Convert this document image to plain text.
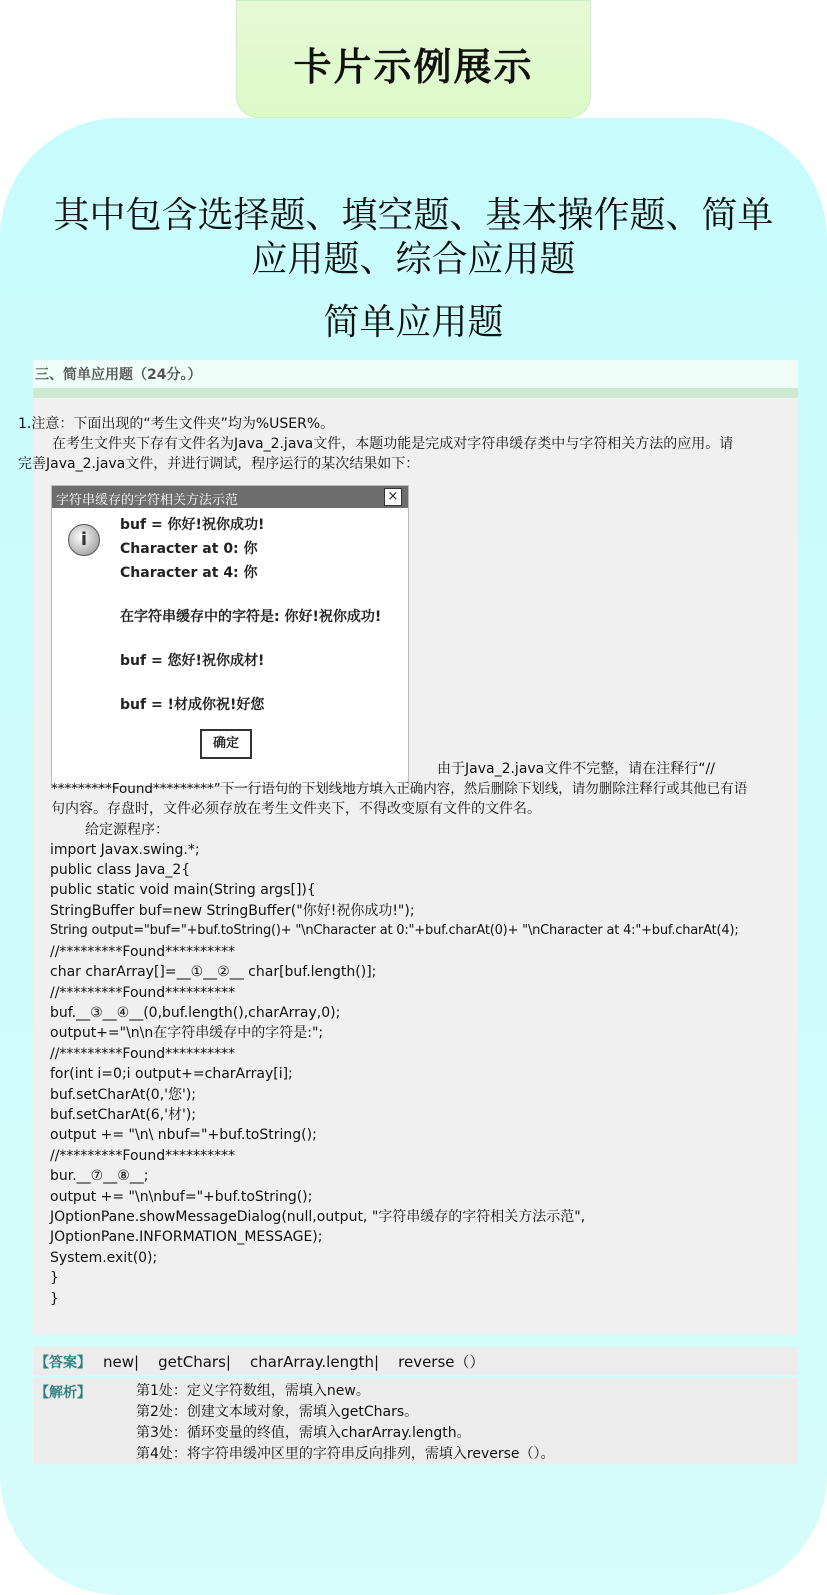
卡片示例展示
其中包含选择题、填空题、基本操作题、简单
应用题、综合应用题
简单应用题
三、简单应用题（24分。）
1.注意：下面出现的“考生文件夹”均为%USER%。
在考生文件夹下存有文件名为Java_2.java文件，本题功能是完成对字符串缓存类中与字符相关方法的应用。请
完善Java_2.java文件，并进行调试，程序运行的某次结果如下：
字符串缓存的字符相关方法示范	×
i
buf = 你好!祝你成功!
Character at 0: 你
Character at 4: 你
在字符串缓存中的字符是: 你好!祝你成功!
buf = 您好!祝你成材!
buf = !材成你祝!好您
确定
由于Java_2.java文件不完整，请在注释行“//
*********Found*********”下一行语句的下划线地方填入正确内容，然后删除下划线，请勿删除注释行或其他已有语
句内容。存盘时，文件必须存放在考生文件夹下，不得改变原有文件的文件名。
给定源程序：
import Javax.swing.*;
public class Java_2{
public static void main(String args[]){
StringBuffer buf=new StringBuffer("你好!祝你成功!");
String output="buf="+buf.toString()+ "\nCharacter at 0:"+buf.charAt(0)+ "\nCharacter at 4:"+buf.charAt(4);
//*********Found**********
char charArray[]=__①__②__ char[buf.length()];
//*********Found**********
buf.__③__④__(0,buf.length(),charArray,0);
output+="\n\n在字符串缓存中的字符是:";
//*********Found**********
for(int i=0;i output+=charArray[i];
buf.setCharAt(0,'您');
buf.setCharAt(6,'材');
output += "\n\ nbuf="+buf.toString();
//*********Found**********
bur.__⑦__⑧__;
output += "\n\nbuf="+buf.toString();
JOptionPane.showMessageDialog(null,output, "字符串缓存的字符相关方法示范",
JOptionPane.INFORMATION_MESSAGE);
System.exit(0);
}
}
【答案】 new|    getChars|    charArray.length|    reverse（）
【解析】	第1处：定义字符数组，需填入new。
第2处：创建文本域对象，需填入getChars。
第3处：循环变量的终值，需填入charArray.length。
第4处：将字符串缓冲区里的字符串反向排列，需填入reverse（）。
